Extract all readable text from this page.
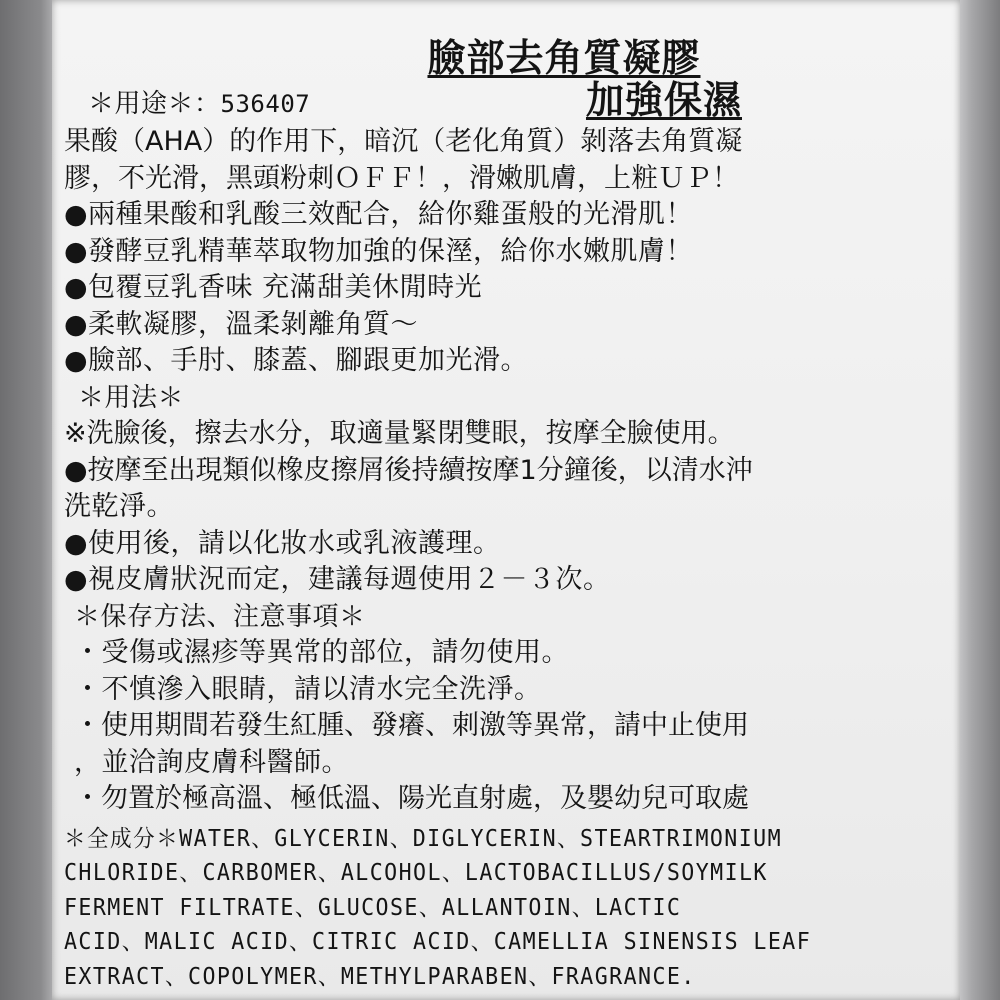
臉部去角質凝膠
＊用途＊：536407	加強保濕
果酸（AHA）的作用下，暗沉（老化角質）剝落去角質凝
膠，不光滑，黑頭粉刺ＯＦＦ！，滑嫩肌膚，上粧ＵＰ！
●兩種果酸和乳酸三效配合，給你雞蛋般的光滑肌！
●發酵豆乳精華萃取物加強的保溼，給你水嫩肌膚！
●包覆豆乳香味 充滿甜美休閒時光
●柔軟凝膠，溫柔剝離角質～
●臉部、手肘、膝蓋、腳跟更加光滑。
＊用法＊
※洗臉後，擦去水分，取適量緊閉雙眼，按摩全臉使用。
●按摩至出現類似橡皮擦屑後持續按摩1分鐘後，以清水沖
洗乾淨。
●使用後，請以化妝水或乳液護理。
●視皮膚狀況而定，建議每週使用２－３次。
＊保存方法、注意事項＊
・受傷或濕疹等異常的部位，請勿使用。
・不慎滲入眼睛，請以清水完全洗淨。
・使用期間若發生紅腫、發癢、刺激等異常，請中止使用
，並洽詢皮膚科醫師。
・勿置於極高溫、極低溫、陽光直射處，及嬰幼兒可取處
＊全成分＊WATER、GLYCERIN、DIGLYCERIN、STEARTRIMONIUM
CHLORIDE、CARBOMER、ALCOHOL、LACTOBACILLUS/SOYMILK
FERMENT FILTRATE、GLUCOSE、ALLANTOIN、LACTIC
ACID、MALIC ACID、CITRIC ACID、CAMELLIA SINENSIS LEAF
EXTRACT、COPOLYMER、METHYLPARABEN、FRAGRANCE.
